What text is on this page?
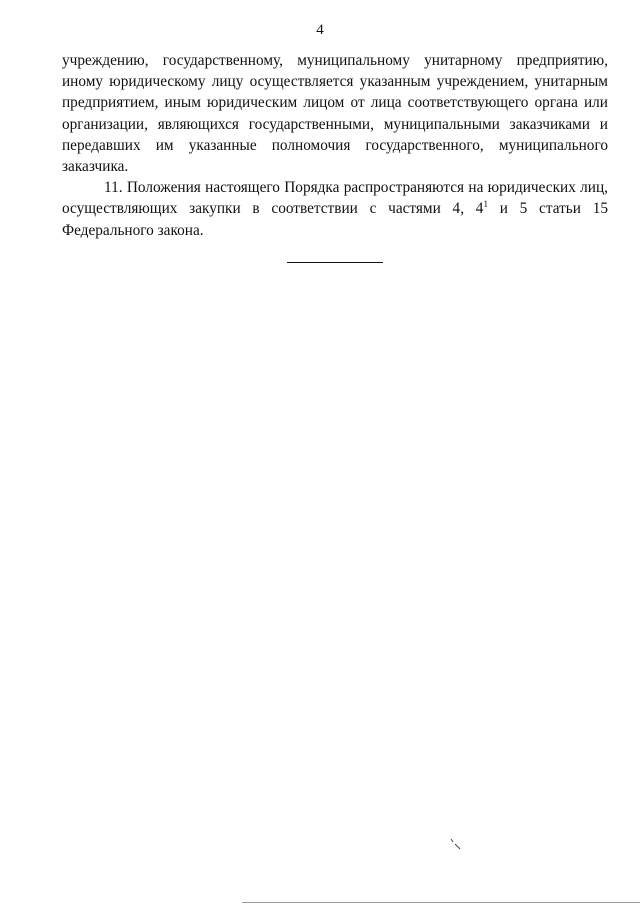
4

учреждению, государственному, муниципальному унитарному предприятию, иному юридическому лицу осуществляется указанным учреждением, унитарным предприятием, иным юридическим лицом от лица соответствующего органа или организации, являющихся государственными, муниципальными заказчиками и передавших им указанные полномочия государственного, муниципального заказчика.

11. Положения настоящего Порядка распространяются на юридических лиц, осуществляющих закупки в соответствии с частями 4, $4^1$ и 5 статьи 15 Федерального закона.
